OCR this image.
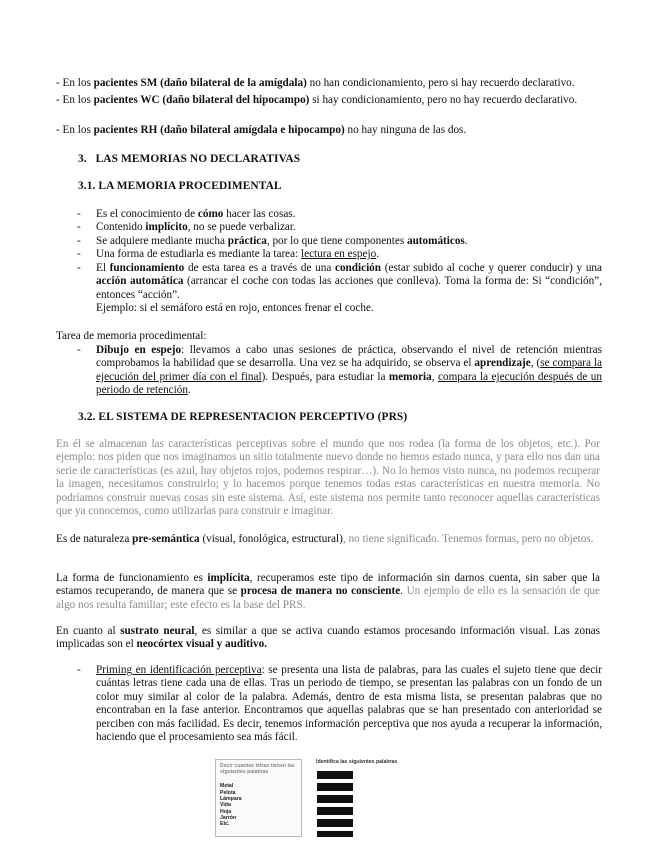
- En los pacientes SM (daño bilateral de la amígdala) no han condicionamiento, pero si hay recuerdo declarativo.
- En los pacientes WC (daño bilateral del hipocampo) si hay condicionamiento, pero no hay recuerdo declarativo.
- En los pacientes RH (daño bilateral amígdala e hipocampo) no hay ninguna de las dos.
3. LAS MEMORIAS NO DECLARATIVAS
3.1. LA MEMORIA PROCEDIMENTAL
- Es el conocimiento de cómo hacer las cosas.
- Contenido implícito, no se puede verbalizar.
- Se adquiere mediante mucha práctica, por lo que tiene componentes automáticos.
- Una forma de estudiarla es mediante la tarea: lectura en espejo.
- El funcionamiento de esta tarea es a través de una condición (estar subido al coche y querer conducir) y una acción automática (arrancar el coche con todas las acciones que conlleva). Toma la forma de: Si “condición”, entonces “acción”.
Ejemplo: si el semáforo está en rojo, entonces frenar el coche.
Tarea de memoria procedimental:
- Dibujo en espejo: llevamos a cabo unas sesiones de práctica, observando el nivel de retención mientras comprobamos la habilidad que se desarrolla. Una vez se ha adquirido, se observa el aprendizaje, (se compara la ejecución del primer día con el final). Después, para estudiar la memoria, compara la ejecución después de un periodo de retención.
3.2. EL SISTEMA DE REPRESENTACION PERCEPTIVO (PRS)
En él se almacenan las características perceptivas sobre el mundo que nos rodea (la forma de los objetos, etc.). Por ejemplo: nos piden que nos imaginamos un sitio totalmente nuevo donde no hemos estado nunca, y para ello nos dan una serie de características (es azul, hay objetos rojos, podemos respirar…). No lo hemos visto nunca, no podemos recuperar la imagen, necesitamos construirlo; y lo hacemos porque tenemos todas estas características en nuestra memoria. No podríamos construir nuevas cosas sin este sistema. Así, este sistema nos permite tanto reconocer aquellas características que ya conocemos, como utilizarlas para construir e imaginar.
Es de naturaleza pre-semántica (visual, fonológica, estructural), no tiene significado. Tenemos formas, pero no objetos.
La forma de funcionamiento es implícita, recuperamos este tipo de información sin darnos cuenta, sin saber que la estamos recuperando, de manera que se procesa de manera no consciente. Un ejemplo de ello es la sensación de que algo nos resulta familiar; este efecto es la base del PRS.
En cuanto al sustrato neural, es similar a que se activa cuando estamos procesando información visual. Las zonas implicadas son el neocórtex visual y auditivo.
- Priming en identificación perceptiva: se presenta una lista de palabras, para las cuales el sujeto tiene que decir cuántas letras tiene cada una de ellas. Tras un periodo de tiempo, se presentan las palabras con un fondo de un color muy similar al color de la palabra. Además, dentro de esta misma lista, se presentan palabras que no encontraban en la fase anterior. Encontramos que aquellas palabras que se han presentado con anterioridad se perciben con más facilidad. Es decir, tenemos información perceptiva que nos ayuda a recuperar la información, haciendo que el procesamiento sea más fácil.
Decir cuantas letras tienen las siguientes palabras
Metal
Pelota
Lámpara
Vida
Hoja
Jarrón
Etc.
Identifica las siguientes palabras
